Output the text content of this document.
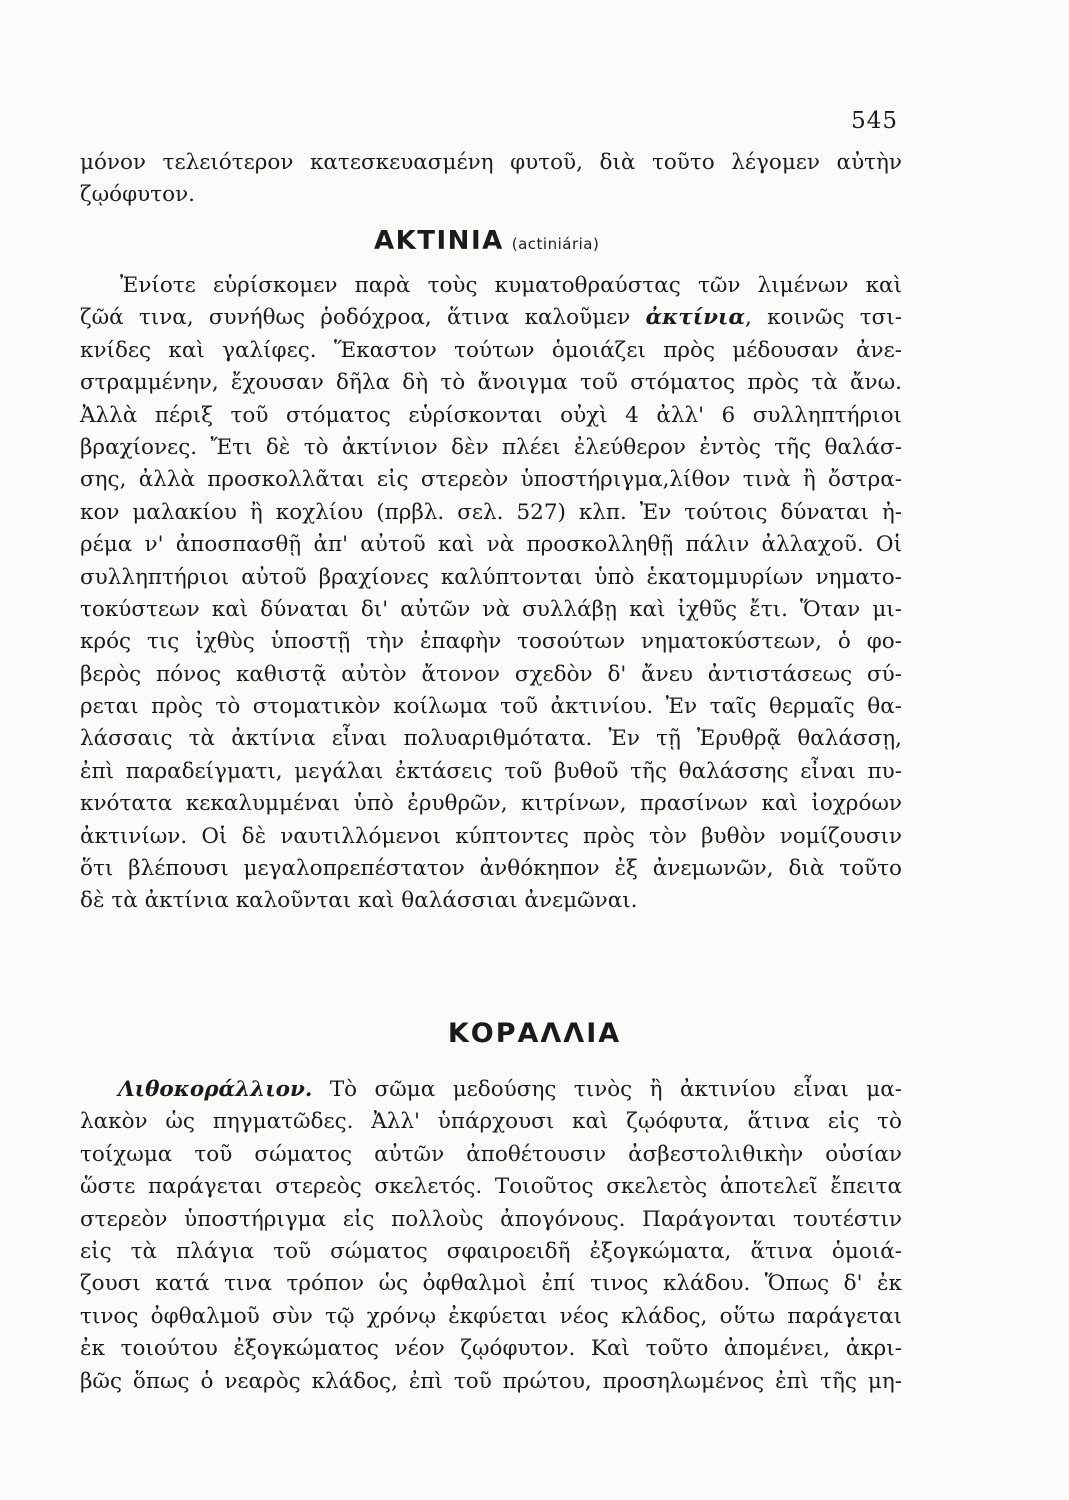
545
μόνον τελειότερον κατεσκευασμένη φυτοῦ, διὰ τοῦτο λέγομεν αὐτὴν
ζῳόφυτον.
ΑΚΤΙΝΙΑ (actiniária)
Ἐνίοτε εὑρίσκομεν παρὰ τοὺς κυματοθραύστας τῶν λιμένων καὶ
ζῶά τινα, συνήθως ῥοδόχροα, ἅτινα καλοῦμεν ἀκτίνια, κοινῶς τσι-
κνίδες καὶ γαλίφες. Ἕκαστον τούτων ὁμοιάζει πρὸς μέδουσαν ἀνε-
στραμμένην, ἔχουσαν δῆλα δὴ τὸ ἄνοιγμα τοῦ στόματος πρὸς τὰ ἄνω.
Ἀλλὰ πέριξ τοῦ στόματος εὑρίσκονται οὐχὶ 4 ἀλλ' 6 συλληπτήριοι
βραχίονες. Ἔτι δὲ τὸ ἀκτίνιον δὲν πλέει ἐλεύθερον ἐντὸς τῆς θαλάσ-
σης, ἀλλὰ προσκολλᾶται εἰς στερεὸν ὑποστήριγμα,λίθον τινὰ ἢ ὄστρα-
κον μαλακίου ἢ κοχλίου (πρβλ. σελ. 527) κλπ. Ἐν τούτοις δύναται ἠ-
ρέμα ν' ἀποσπασθῇ ἀπ' αὐτοῦ καὶ νὰ προσκολληθῇ πάλιν ἀλλαχοῦ. Οἱ
συλληπτήριοι αὐτοῦ βραχίονες καλύπτονται ὑπὸ ἑκατομμυρίων νηματο-
τοκύστεων καὶ δύναται δι' αὐτῶν νὰ συλλάβῃ καὶ ἰχθῦς ἔτι. Ὅταν μι-
κρός τις ἰχθὺς ὑποστῇ τὴν ἐπαφὴν τοσούτων νηματοκύστεων, ὁ φο-
βερὸς πόνος καθιστᾷ αὐτὸν ἄτονον σχεδὸν δ' ἄνευ ἀντιστάσεως σύ-
ρεται πρὸς τὸ στοματικὸν κοίλωμα τοῦ ἀκτινίου. Ἐν ταῖς θερμαῖς θα-
λάσσαις τὰ ἀκτίνια εἶναι πολυαριθμότατα. Ἐν τῇ Ἐρυθρᾷ θαλάσσῃ,
ἐπὶ παραδείγματι, μεγάλαι ἐκτάσεις τοῦ βυθοῦ τῆς θαλάσσης εἶναι πυ-
κνότατα κεκαλυμμέναι ὑπὸ ἐρυθρῶν, κιτρίνων, πρασίνων καὶ ἰοχρόων
ἀκτινίων. Οἱ δὲ ναυτιλλόμενοι κύπτοντες πρὸς τὸν βυθὸν νομίζουσιν
ὅτι βλέπουσι μεγαλοπρεπέστατον ἀνθόκηπον ἐξ ἀνεμωνῶν, διὰ τοῦτο
δὲ τὰ ἀκτίνια καλοῦνται καὶ θαλάσσιαι ἀνεμῶναι.
ΚΟΡΑΛΛΙΑ
Λιθοκοράλλιον. Τὸ σῶμα μεδούσης τινὸς ἢ ἀκτινίου εἶναι μα-
λακὸν ὡς πηγματῶδες. Ἀλλ' ὑπάρχουσι καὶ ζῳόφυτα, ἅτινα εἰς τὸ
τοίχωμα τοῦ σώματος αὐτῶν ἀποθέτουσιν ἀσβεστολιθικὴν οὐσίαν
ὥστε παράγεται στερεὸς σκελετός. Τοιοῦτος σκελετὸς ἀποτελεῖ ἔπειτα
στερεὸν ὑποστήριγμα εἰς πολλοὺς ἀπογόνους. Παράγονται τουτέστιν
εἰς τὰ πλάγια τοῦ σώματος σφαιροειδῆ ἐξογκώματα, ἅτινα ὁμοιά-
ζουσι κατά τινα τρόπον ὡς ὀφθαλμοὶ ἐπί τινος κλάδου. Ὅπως δ' ἐκ
τινος ὀφθαλμοῦ σὺν τῷ χρόνῳ ἐκφύεται νέος κλάδος, οὕτω παράγεται
ἐκ τοιούτου ἐξογκώματος νέον ζῳόφυτον. Καὶ τοῦτο ἀπομένει, ἀκρι-
βῶς ὅπως ὁ νεαρὸς κλάδος, ἐπὶ τοῦ πρώτου, προσηλωμένος ἐπὶ τῆς μη-
